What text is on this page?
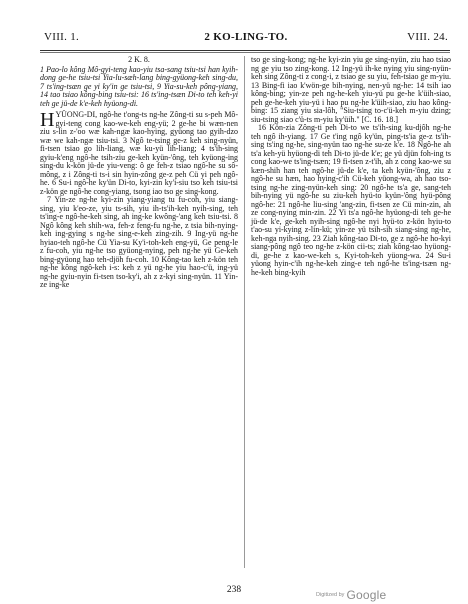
VIII. 1.	2 KO-LING-TO.	VIII. 24.

2 K. 8.

1 Pao-lo kông Mô-gyi-teng kao-yiu tsa-sang tsiu-tsi han kyih-dong ge-he tsiu-tsi Yia-lu-sæh-lang bing-gyüong-keh sing-du, 7 ts'ing-tsæn ge yi ky'in ge tsiu-tsi, 9 Yia-su-keh pông-yiang, 14 tao tsiao kông-bing tsiu-tsi: 16 ts'ing-tsæn Di-to teh keh-yi teh ge jü-de k'e-keh hyüong-di.

HYÜONG-DI, ngô-he t'ong-ts ng-he Zông-ti su s-peh Mô-gyi-teng cong kao-we-keh eng-yü; 2 ge-he bi wæn-nen ziu s-lin z-'oo wæ kah-ngæ kao-hying, gyüong tao gyih-dzo wæ we kah-ngæ tsiu-tsi. 3 Ngô te-tsing ge-z keh sing-nyün, fi-tsen tsiao go lih-liang, wæ ku-yü lih-liang; 4 ts'ih-sing gyiu-k'eng ngô-he tsih-ziu ge-keh kyün-'ông, teh kyüong-ing sing-du k-kön jü-de yiu-veng: ô ge feh-z tsiao ngô-he su sô-mông, z i Zông-ti ts-i sin hyin-zông ge-z peh Cü yi peh ngô-he. 6 Su-i ngô-he ky'ün Di-to, kyi-zin ky'i-siu tso keh tsiu-tsi z-kön ge ngô-he cong-yiang, tsong iao tso ge sing-kong.

7 Yin-ze ng-he kyi-zin yiang-yiang tu fu-coh, yiu siang-sing, yiu k'eo-ze, yiu ts-sih, yiu ih-ts'ih-keh nyih-sing, teh ts'ing-e ngô-he-keh sing, ah ing-ke kwông-'ang keh tsiu-tsi. 8 Ngô kông keh shih-wa, feh-z feng-fu ng-he, z tsia bih-nying-keh ing-gying s ng-he sing-e-keh zing-zih. 9 Ing-yü ng-he hyiao-teh ngô-he Cü Yia-su Ky'i-toh-keh eng-yü, Ge peng-le z fu-coh, yiu ng-he tso gyüong-nying, peh ng-he yü Ge-keh bing-gyüong hao teh-djöh fu-coh. 10 Kông-tao keh z-kön teh ng-he kông ngô-keh i-s: keh z yü ng-he yiu hao-c'ü, ing-yü ng-he gyiu-nyin fi-tsen tso-ky'i, ah z z-kyi sing-nyün. 11 Yin-ze ing-ke

tso ge sing-kong; ng-he kyi-zin yiu ge sing-nyün, ziu hao tsiao ng ge yiu tso zing-kong. 12 Ing-yü ih-ke nying yiu sing-nyün-keh sing Zông-ti z cong-i, z tsiao ge su yiu, feh-tsiao ge m-yiu. 13 Bing-fi iao k'wön-ge bih-nying, nen-yü ng-he: 14 tsih iao kông-bing; yin-ze peh ng-he-keh yiu-yü pu ge-he k'üih-siao, peh ge-he-keh yiu-yü i hao pu ng-he k'üih-siao, ziu hao kông-bing: 15 ziang yiu sia-lôh, "Siu-tsing to-c'ü-keh m-yiu dzing; siu-tsing siao c'ü-ts m-yiu ky'üih." [C. 16. 18.]

16 Kön-zia Zông-ti peh Di-to we ts'ih-sing ku-djôh ng-he teh ngô ih-yiang. 17 Ge t'ing ngô ky'ün, ping-ts'ia ge-z ts'ih-sing ts'ing ng-he, sing-nyün tao ng-he su-ze k'e. 18 Ngô-he ah ts'a keh-yü hyüong-di teh Di-to jü-de k'e; ge yü djün foh-ing ts cong kao-we ts'ing-tsæn; 19 fi-tsen z-t'ih, ah z cong kao-we su kæn-shih han teh ngô-he jü-de k'e, ta keh kyün-'ông, ziu z ngô-he su hæn, hao hying-c'ih Cü-keh yüong-wa, ah hao tso-tsing ng-he zing-nyün-keh sing: 20 ngô-he ts'a ge, sang-teh bih-nying yü ngô-he su ziu-keh hyü-to kyün-'ông hyü-pông ngô-he: 21 ngô-he liu-sing 'ang-zin, fi-tsen ze Cü min-zin, ah ze cong-nying min-zin. 22 Yi ts'a ngô-he hyüong-di teh ge-he jü-de k'e, ge-keh nyih-sing ngô-he nyi hyü-to z-kön hyiu-to t'ao-su yi-kying z-lin-kü; yin-ze yü tsih-sih siang-sing ng-he, keh-nga nyih-sing. 23 Ziah kông-tao Di-to, ge z ngô-he ho-kyi siang-pông ngô teo ng-he z-kön cii-ts; ziah kông-tao hyüong-di, ge-he z kao-we-keh s, Kyi-toh-keh yüong-wa. 24 Su-i yüong hyin-c'ih ng-he-keh zing-e teh ngô-he ts'ing-tsæn ng-he-keh bing-kyih

238	Digitized by Google
